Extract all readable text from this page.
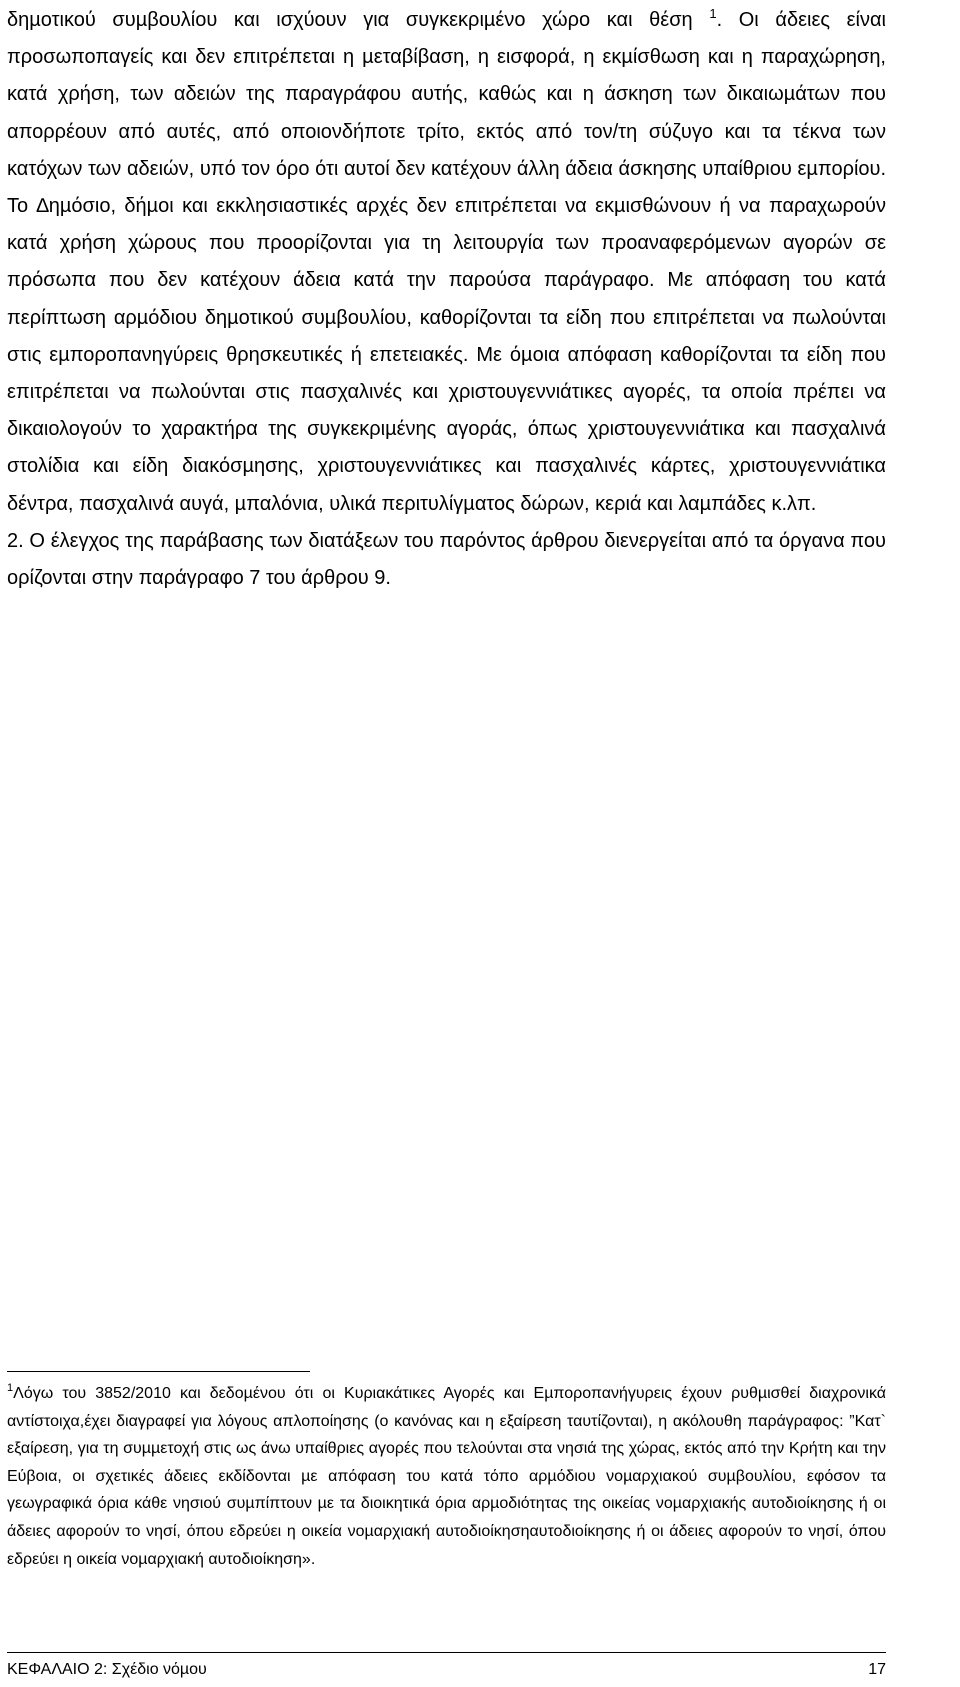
δηµοτικού συµβουλίου και ισχύουν για συγκεκριµένο χώρο και θέση $^1$. Οι άδειες είναι προσωποπαγείς και δεν επιτρέπεται η µεταβίβαση, η εισφορά, η εκµίσθωση και η παραχώρηση, κατά χρήση, των αδειών της παραγράφου αυτής, καθώς και η άσκηση των δικαιωµάτων που απορρέουν από αυτές, από οποιονδήποτε τρίτο, εκτός από τον/τη σύζυγο και τα τέκνα των κατόχων των αδειών, υπό τον όρο ότι αυτοί δεν κατέχουν άλλη άδεια άσκησης υπαίθριου εµπορίου. Το ∆ηµόσιο, δήµοι και εκκλησιαστικές αρχές δεν επιτρέπεται να εκµισθώνουν ή να παραχωρούν κατά χρήση χώρους που προορίζονται για τη λειτουργία των προαναφερόµενων αγορών σε πρόσωπα που δεν κατέχουν άδεια κατά την παρούσα παράγραφο. Με απόφαση του κατά περίπτωση αρµόδιου δηµοτικού συµβουλίου, καθορίζονται τα είδη που επιτρέπεται να πωλούνται στις εµποροπανηγύρεις θρησκευτικές ή επετειακές. Με όµοια απόφαση καθορίζονται τα είδη που επιτρέπεται να πωλούνται στις πασχαλινές και χριστουγεννιάτικες αγορές, τα οποία πρέπει να δικαιολογούν το χαρακτήρα της συγκεκριµένης αγοράς, όπως χριστουγεννιάτικα και πασχαλινά στολίδια και είδη διακόσµησης, χριστουγεννιάτικες και πασχαλινές κάρτες, χριστουγεννιάτικα δέντρα, πασχαλινά αυγά, µπαλόνια, υλικά περιτυλίγµατος δώρων, κεριά και λαµπάδες κ.λπ.
2. Ο έλεγχος της παράβασης των διατάξεων του παρόντος άρθρου διενεργείται από τα όργανα που ορίζονται στην παράγραφο 7 του άρθρου 9.
$^1$Λόγω του 3852/2010 και δεδοµένου ότι οι Κυριακάτικες Αγορές και Εµποροπανήγυρεις έχουν ρυθµισθεί διαχρονικά αντίστοιχα,έχει διαγραφεί για λόγους απλοποίησης (ο κανόνας και η εξαίρεση ταυτίζονται), η ακόλουθη παράγραφος: ”Κατ` εξαίρεση, για τη συµµετοχή στις ως άνω υπαίθριες αγορές που τελούνται στα νησιά της χώρας, εκτός από την Κρήτη και την Εύβοια, οι σχετικές άδειες εκδίδονται µε απόφαση του κατά τόπο αρµόδιου νοµαρχιακού συµβουλίου, εφόσον τα γεωγραφικά όρια κάθε νησιού συµπίπτουν µε τα διοικητικά όρια αρµοδιότητας της οικείας νοµαρχιακής αυτοδιοίκησης ή οι άδειες αφορούν το νησί, όπου εδρεύει η οικεία νοµαρχιακή αυτοδιοίκησηαυτοδιοίκησης ή οι άδειες αφορούν το νησί, όπου εδρεύει η οικεία νοµαρχιακή αυτοδιοίκηση».
ΚΕΦΑΛΑΙΟ 2: Σχέδιο νόµου	17
